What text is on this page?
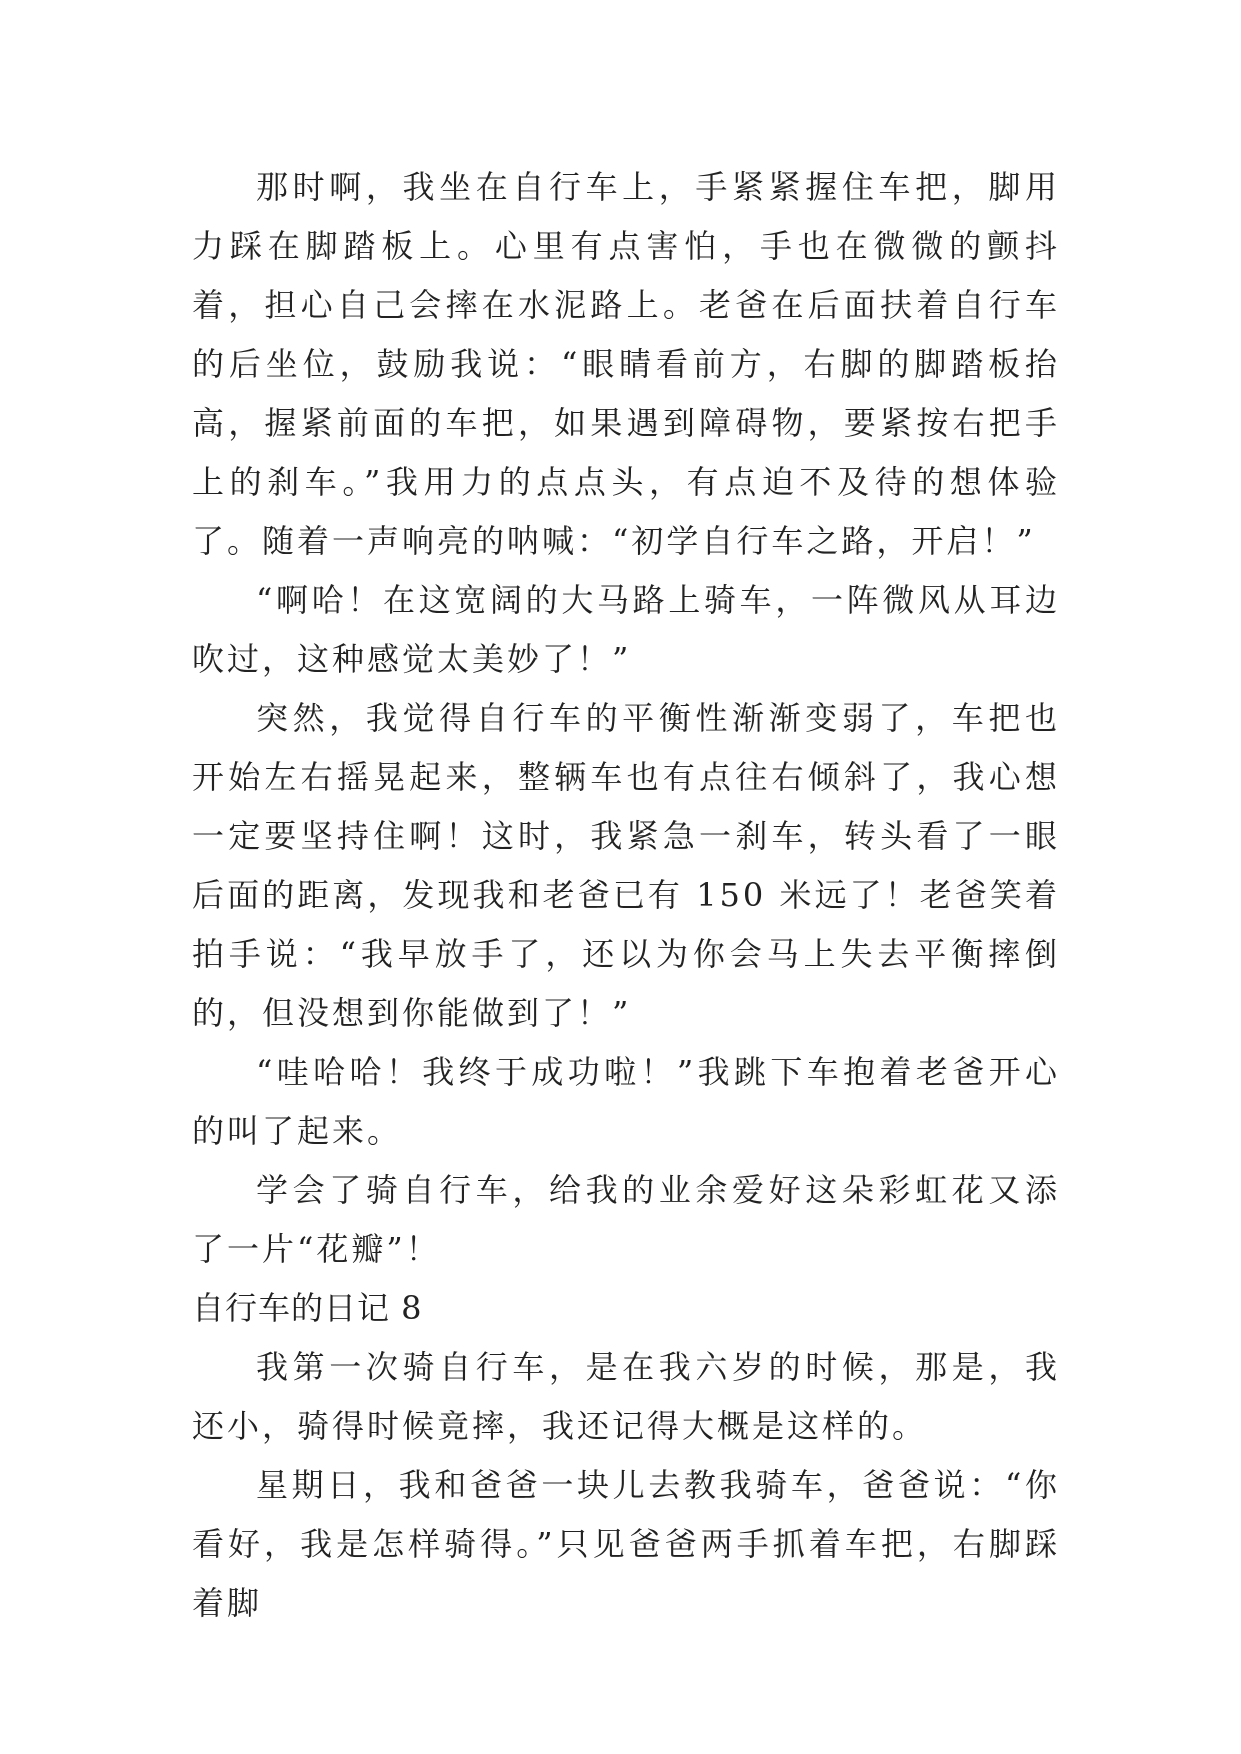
那时啊，我坐在自行车上，手紧紧握住车把，脚用力踩在脚踏板上。心里有点害怕，手也在微微的颤抖着，担心自己会摔在水泥路上。老爸在后面扶着自行车的后坐位，鼓励我说：“眼睛看前方，右脚的脚踏板抬高，握紧前面的车把，如果遇到障碍物，要紧按右把手上的刹车。”我用力的点点头，有点迫不及待的想体验了。随着一声响亮的呐喊：“初学自行车之路，开启！”

“啊哈！在这宽阔的大马路上骑车，一阵微风从耳边吹过，这种感觉太美妙了！”

突然，我觉得自行车的平衡性渐渐变弱了，车把也开始左右摇晃起来，整辆车也有点往右倾斜了，我心想一定要坚持住啊！这时，我紧急一刹车，转头看了一眼后面的距离，发现我和老爸已有 150 米远了！老爸笑着拍手说：“我早放手了，还以为你会马上失去平衡摔倒的，但没想到你能做到了！”

“哇哈哈！我终于成功啦！”我跳下车抱着老爸开心的叫了起来。

学会了骑自行车，给我的业余爱好这朵彩虹花又添了一片“花瓣”！

自行车的日记 8

我第一次骑自行车，是在我六岁的时候，那是，我还小，骑得时候竟摔，我还记得大概是这样的。

星期日，我和爸爸一块儿去教我骑车，爸爸说：“你看好，我是怎样骑得。”只见爸爸两手抓着车把，右脚踩着脚
